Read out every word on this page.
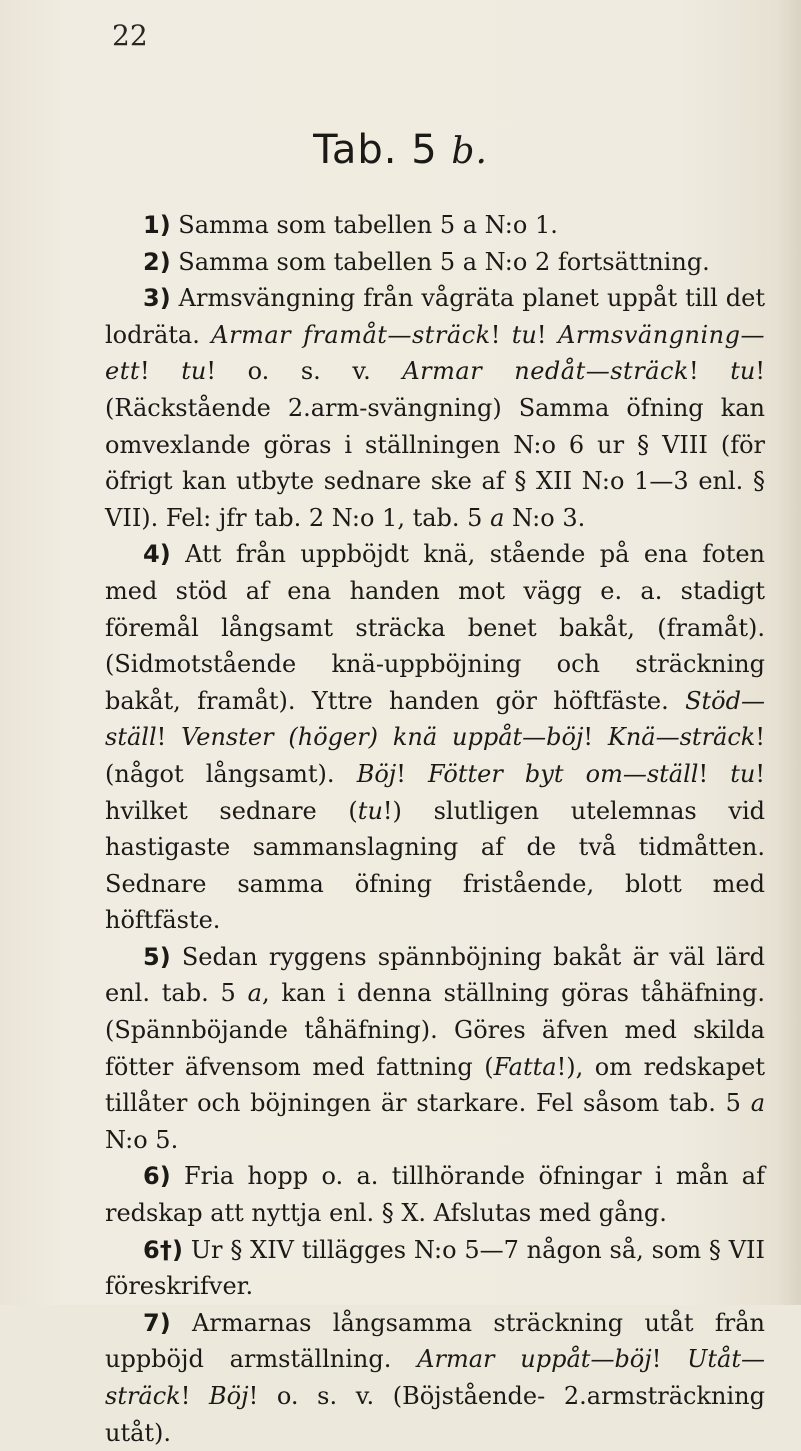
22
Tab. 5 b.

1) Samma som tabellen 5 a N:o 1.

2) Samma som tabellen 5 a N:o 2 fortsättning.

3) Armsvängning från vågräta planet uppåt till det lodräta. Armar framåt—sträck! tu! Armsvängning—ett! tu! o. s. v. Armar nedåt—sträck! tu! (Räckstående 2.arm-svängning) Samma öfning kan omvexlande göras i ställningen N:o 6 ur § VIII (för öfrigt kan utbyte sednare ske af § XII N:o 1—3 enl. § VII). Fel: jfr tab. 2 N:o 1, tab. 5 a N:o 3.

4) Att från uppböjdt knä, stående på ena foten med stöd af ena handen mot vägg e. a. stadigt föremål långsamt sträcka benet bakåt, (framåt). (Sidmotstående knä-uppböjning och sträckning bakåt, framåt). Yttre handen gör höftfäste. Stöd—ställ! Venster (höger) knä uppåt—böj! Knä—sträck! (något långsamt). Böj! Fötter byt om—ställ! tu! hvilket sednare (tu!) slutligen utelemnas vid hastigaste sammanslagning af de två tidmåtten. Sednare samma öfning fristående, blott med höftfäste.

5) Sedan ryggens spännböjning bakåt är väl lärd enl. tab. 5 a, kan i denna ställning göras tåhäfning. (Spännböjande tåhäfning). Göres äfven med skilda fötter äfvensom med fattning (Fatta!), om redskapet tillåter och böjningen är starkare. Fel såsom tab. 5 a N:o 5.

6) Fria hopp o. a. tillhörande öfningar i mån af redskap att nyttja enl. § X. Afslutas med gång.

6†) Ur § XIV tillägges N:o 5—7 någon så, som § VII föreskrifver.

7) Armarnas långsamma sträckning utåt från uppböjd armställning. Armar uppåt—böj! Utåt—sträck! Böj! o. s. v. (Böjstående- 2.armsträckning utåt).
